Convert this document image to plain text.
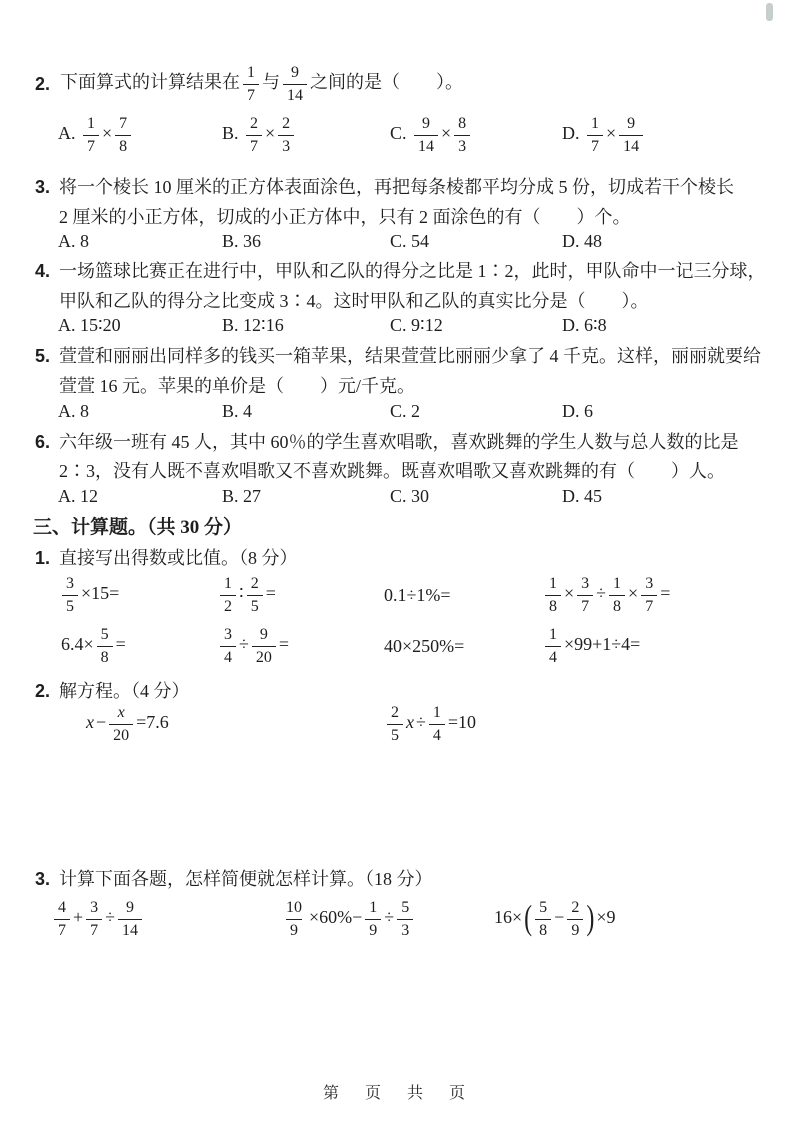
2. 下面算式的计算结果在 $\frac{1}{7}$ 与 $\frac{9}{14}$ 之间的是（　　）。
A. $\frac{1}{7} \times \frac{7}{8}$	B. $\frac{2}{7} \times \frac{2}{3}$	C. $\frac{9}{14} \times \frac{8}{3}$	D. $\frac{1}{7} \times \frac{9}{14}$
3. 将一个棱长 10 厘米的正方体表面涂色，再把每条棱都平均分成 5 份，切成若干个棱长
2 厘米的小正方体，切成的小正方体中，只有 2 面涂色的有（　　）个。
A. 8	B. 36	C. 54	D. 48
4. 一场篮球比赛正在进行中，甲队和乙队的得分之比是 1∶2，此时，甲队命中一记三分球，
甲队和乙队的得分之比变成 3∶4。这时甲队和乙队的真实比分是（　　）。
A. 15∶20	B. 12∶16	C. 9∶12	D. 6∶8
5. 萱萱和丽丽出同样多的钱买一箱苹果，结果萱萱比丽丽少拿了 4 千克。这样，丽丽就要给
萱萱 16 元。苹果的单价是（　　）元/千克。
A. 8	B. 4	C. 2	D. 6
6. 六年级一班有 45 人，其中 60％的学生喜欢唱歌，喜欢跳舞的学生人数与总人数的比是
2∶3，没有人既不喜欢唱歌又不喜欢跳舞。既喜欢唱歌又喜欢跳舞的有（　　）人。
A. 12	B. 27	C. 30	D. 45
三、计算题。（共 30 分）
1. 直接写出得数或比值。（8 分）
$\frac{3}{5} \times 15=$	$\frac{1}{2}$ ∶ $\frac{2}{5}$ =	0.1÷1%=	$\frac{1}{8} \times \frac{3}{7} \div \frac{1}{8} \times \frac{3}{7}$ =
$6.4\times \frac{5}{8}$ =	$\frac{3}{4} \div \frac{9}{20}$ =	40×250%=	$\frac{1}{4} \times 99+1\div 4=$
2. 解方程。（4 分）
$x - \frac{x}{20} =7.6$	$\frac{2}{5}$ $x \div \frac{1}{4} =10$
3. 计算下面各题，怎样简便就怎样计算。（18 分）
$\frac{4}{7} + \frac{3}{7} \div \frac{9}{14}$	$\frac{10}{9} \times 60\%- \frac{1}{9} \div \frac{5}{3}$	$16\times( \frac{5}{8} - \frac{2}{9}$ ) ×9
第　页　共　页
